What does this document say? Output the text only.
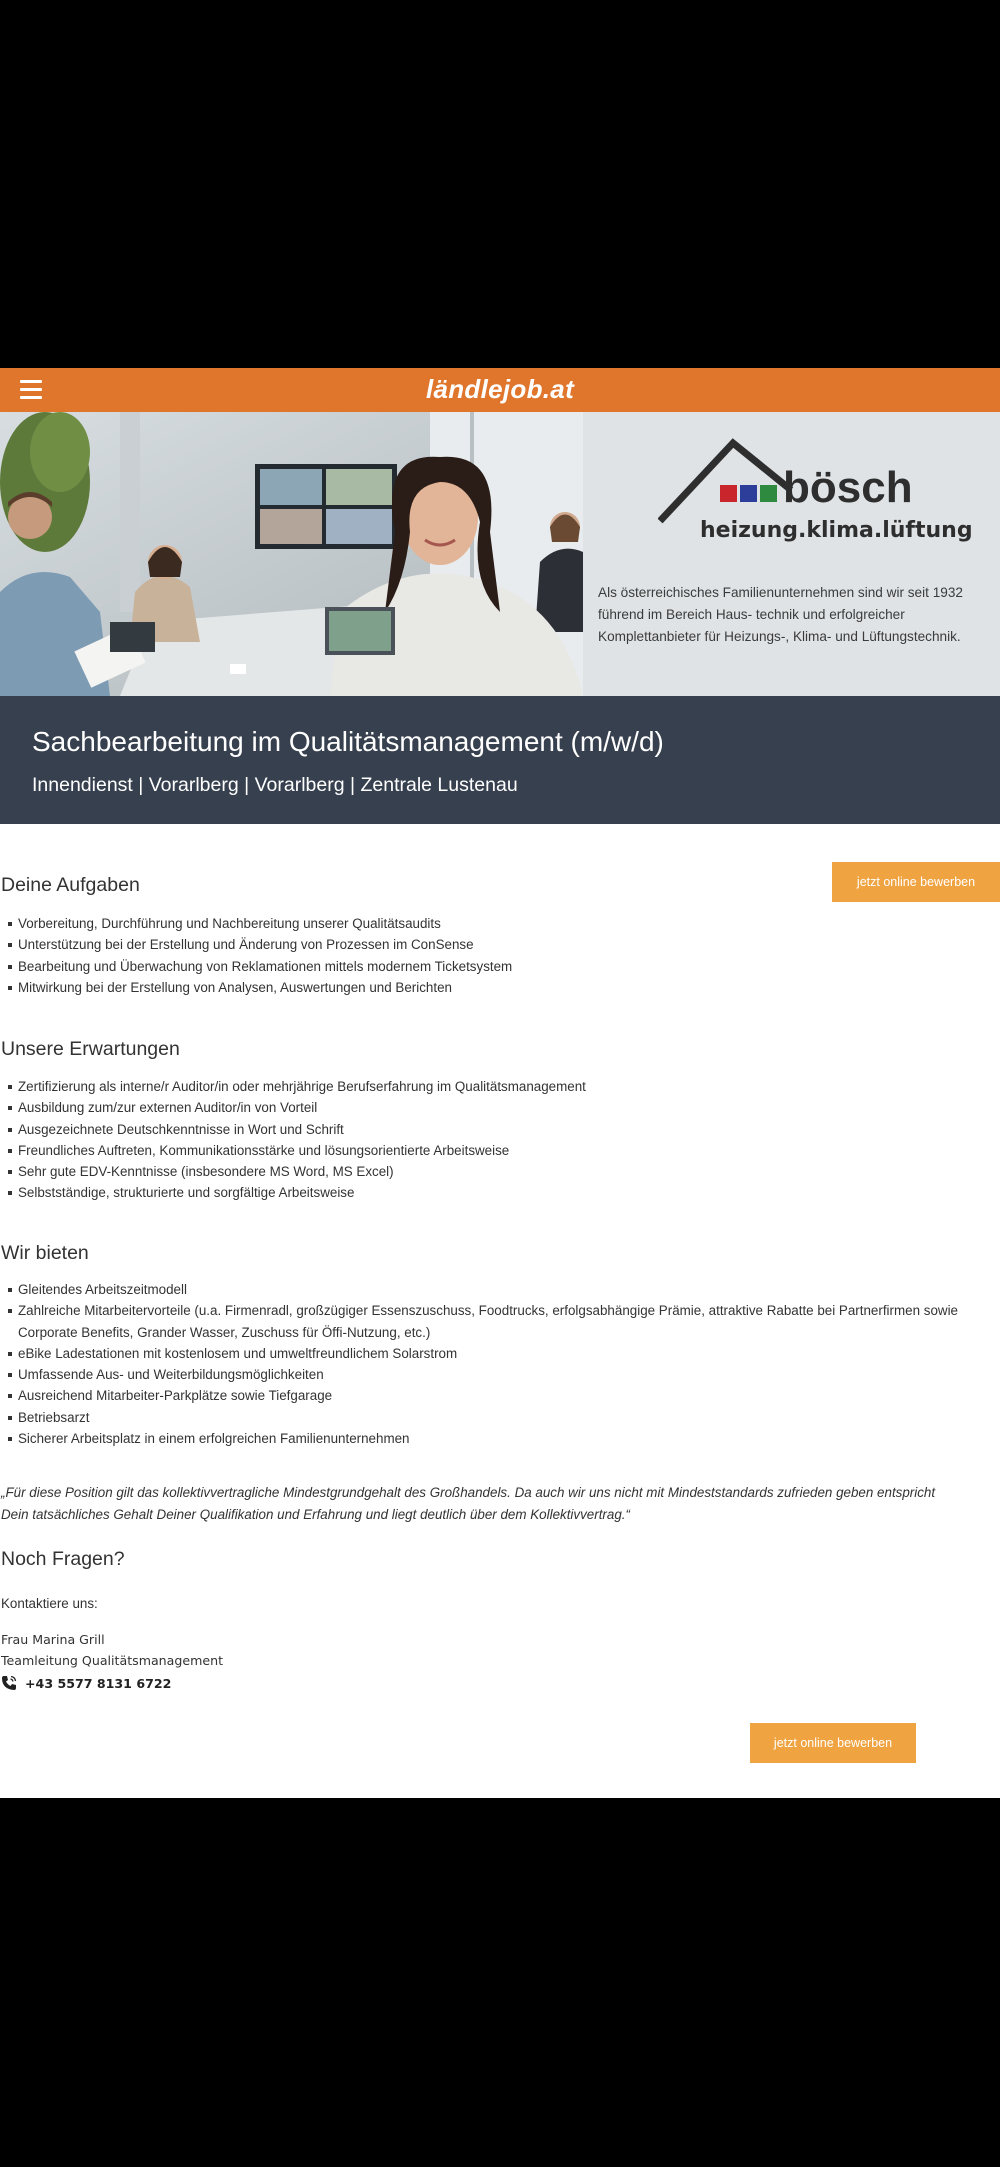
ländlejob.at
bösch
heizung.klima.lüftung
Als österreichisches Familienunternehmen sind wir seit 1932 führend im Bereich Haus- technik und erfolgreicher Komplettanbieter für Heizungs-, Klima- und Lüftungstechnik.
Sachbearbeitung im Qualitätsmanagement (m/w/d)
Innendienst | Vorarlberg | Vorarlberg | Zentrale Lustenau
jetzt online bewerben
Deine Aufgaben
Vorbereitung, Durchführung und Nachbereitung unserer Qualitätsaudits
Unterstützung bei der Erstellung und Änderung von Prozessen im ConSense
Bearbeitung und Überwachung von Reklamationen mittels modernem Ticketsystem
Mitwirkung bei der Erstellung von Analysen, Auswertungen und Berichten
Unsere Erwartungen
Zertifizierung als interne/r Auditor/in oder mehrjährige Berufserfahrung im Qualitätsmanagement
Ausbildung zum/zur externen Auditor/in von Vorteil
Ausgezeichnete Deutschkenntnisse in Wort und Schrift
Freundliches Auftreten, Kommunikationsstärke und lösungsorientierte Arbeitsweise
Sehr gute EDV-Kenntnisse (insbesondere MS Word, MS Excel)
Selbstständige, strukturierte und sorgfältige Arbeitsweise
Wir bieten
Gleitendes Arbeitszeitmodell
Zahlreiche Mitarbeitervorteile (u.a. Firmenradl, großzügiger Essenszuschuss, Foodtrucks, erfolgsabhängige Prämie, attraktive Rabatte bei Partnerfirmen sowie Corporate Benefits, Grander Wasser, Zuschuss für Öffi-Nutzung, etc.)
eBike Ladestationen mit kostenlosem und umweltfreundlichem Solarstrom
Umfassende Aus- und Weiterbildungsmöglichkeiten
Ausreichend Mitarbeiter-Parkplätze sowie Tiefgarage
Betriebsarzt
Sicherer Arbeitsplatz in einem erfolgreichen Familienunternehmen
„Für diese Position gilt das kollektivvertragliche Mindestgrundgehalt des Großhandels. Da auch wir uns nicht mit Mindeststandards zufrieden geben entspricht Dein tatsächliches Gehalt Deiner Qualifikation und Erfahrung und liegt deutlich über dem Kollektivvertrag.“
Noch Fragen?
Kontaktiere uns:
Frau Marina Grill
Teamleitung Qualitätsmanagement
+43 5577 8131 6722
jetzt online bewerben
